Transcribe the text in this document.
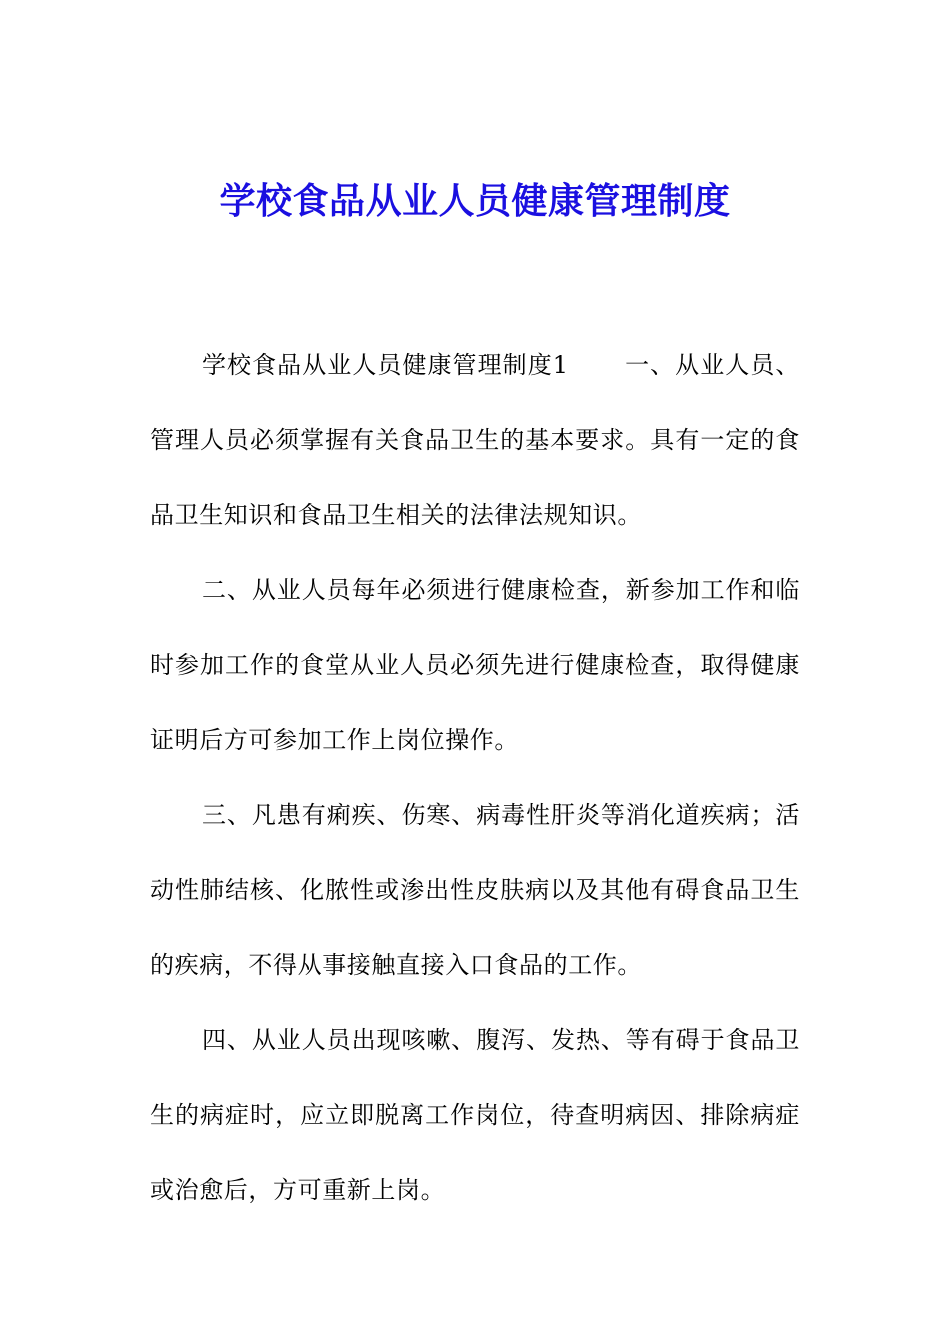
学校食品从业人员健康管理制度

学校食品从业人员健康管理制度1 一、从业人员、管理人员必须掌握有关食品卫生的基本要求。具有一定的食品卫生知识和食品卫生相关的法律法规知识。

二、从业人员每年必须进行健康检查，新参加工作和临时参加工作的食堂从业人员必须先进行健康检查，取得健康证明后方可参加工作上岗位操作。

三、凡患有痢疾、伤寒、病毒性肝炎等消化道疾病；活动性肺结核、化脓性或渗出性皮肤病以及其他有碍食品卫生的疾病，不得从事接触直接入口食品的工作。

四、从业人员出现咳嗽、腹泻、发热、等有碍于食品卫生的病症时，应立即脱离工作岗位，待查明病因、排除病症或治愈后，方可重新上岗。
